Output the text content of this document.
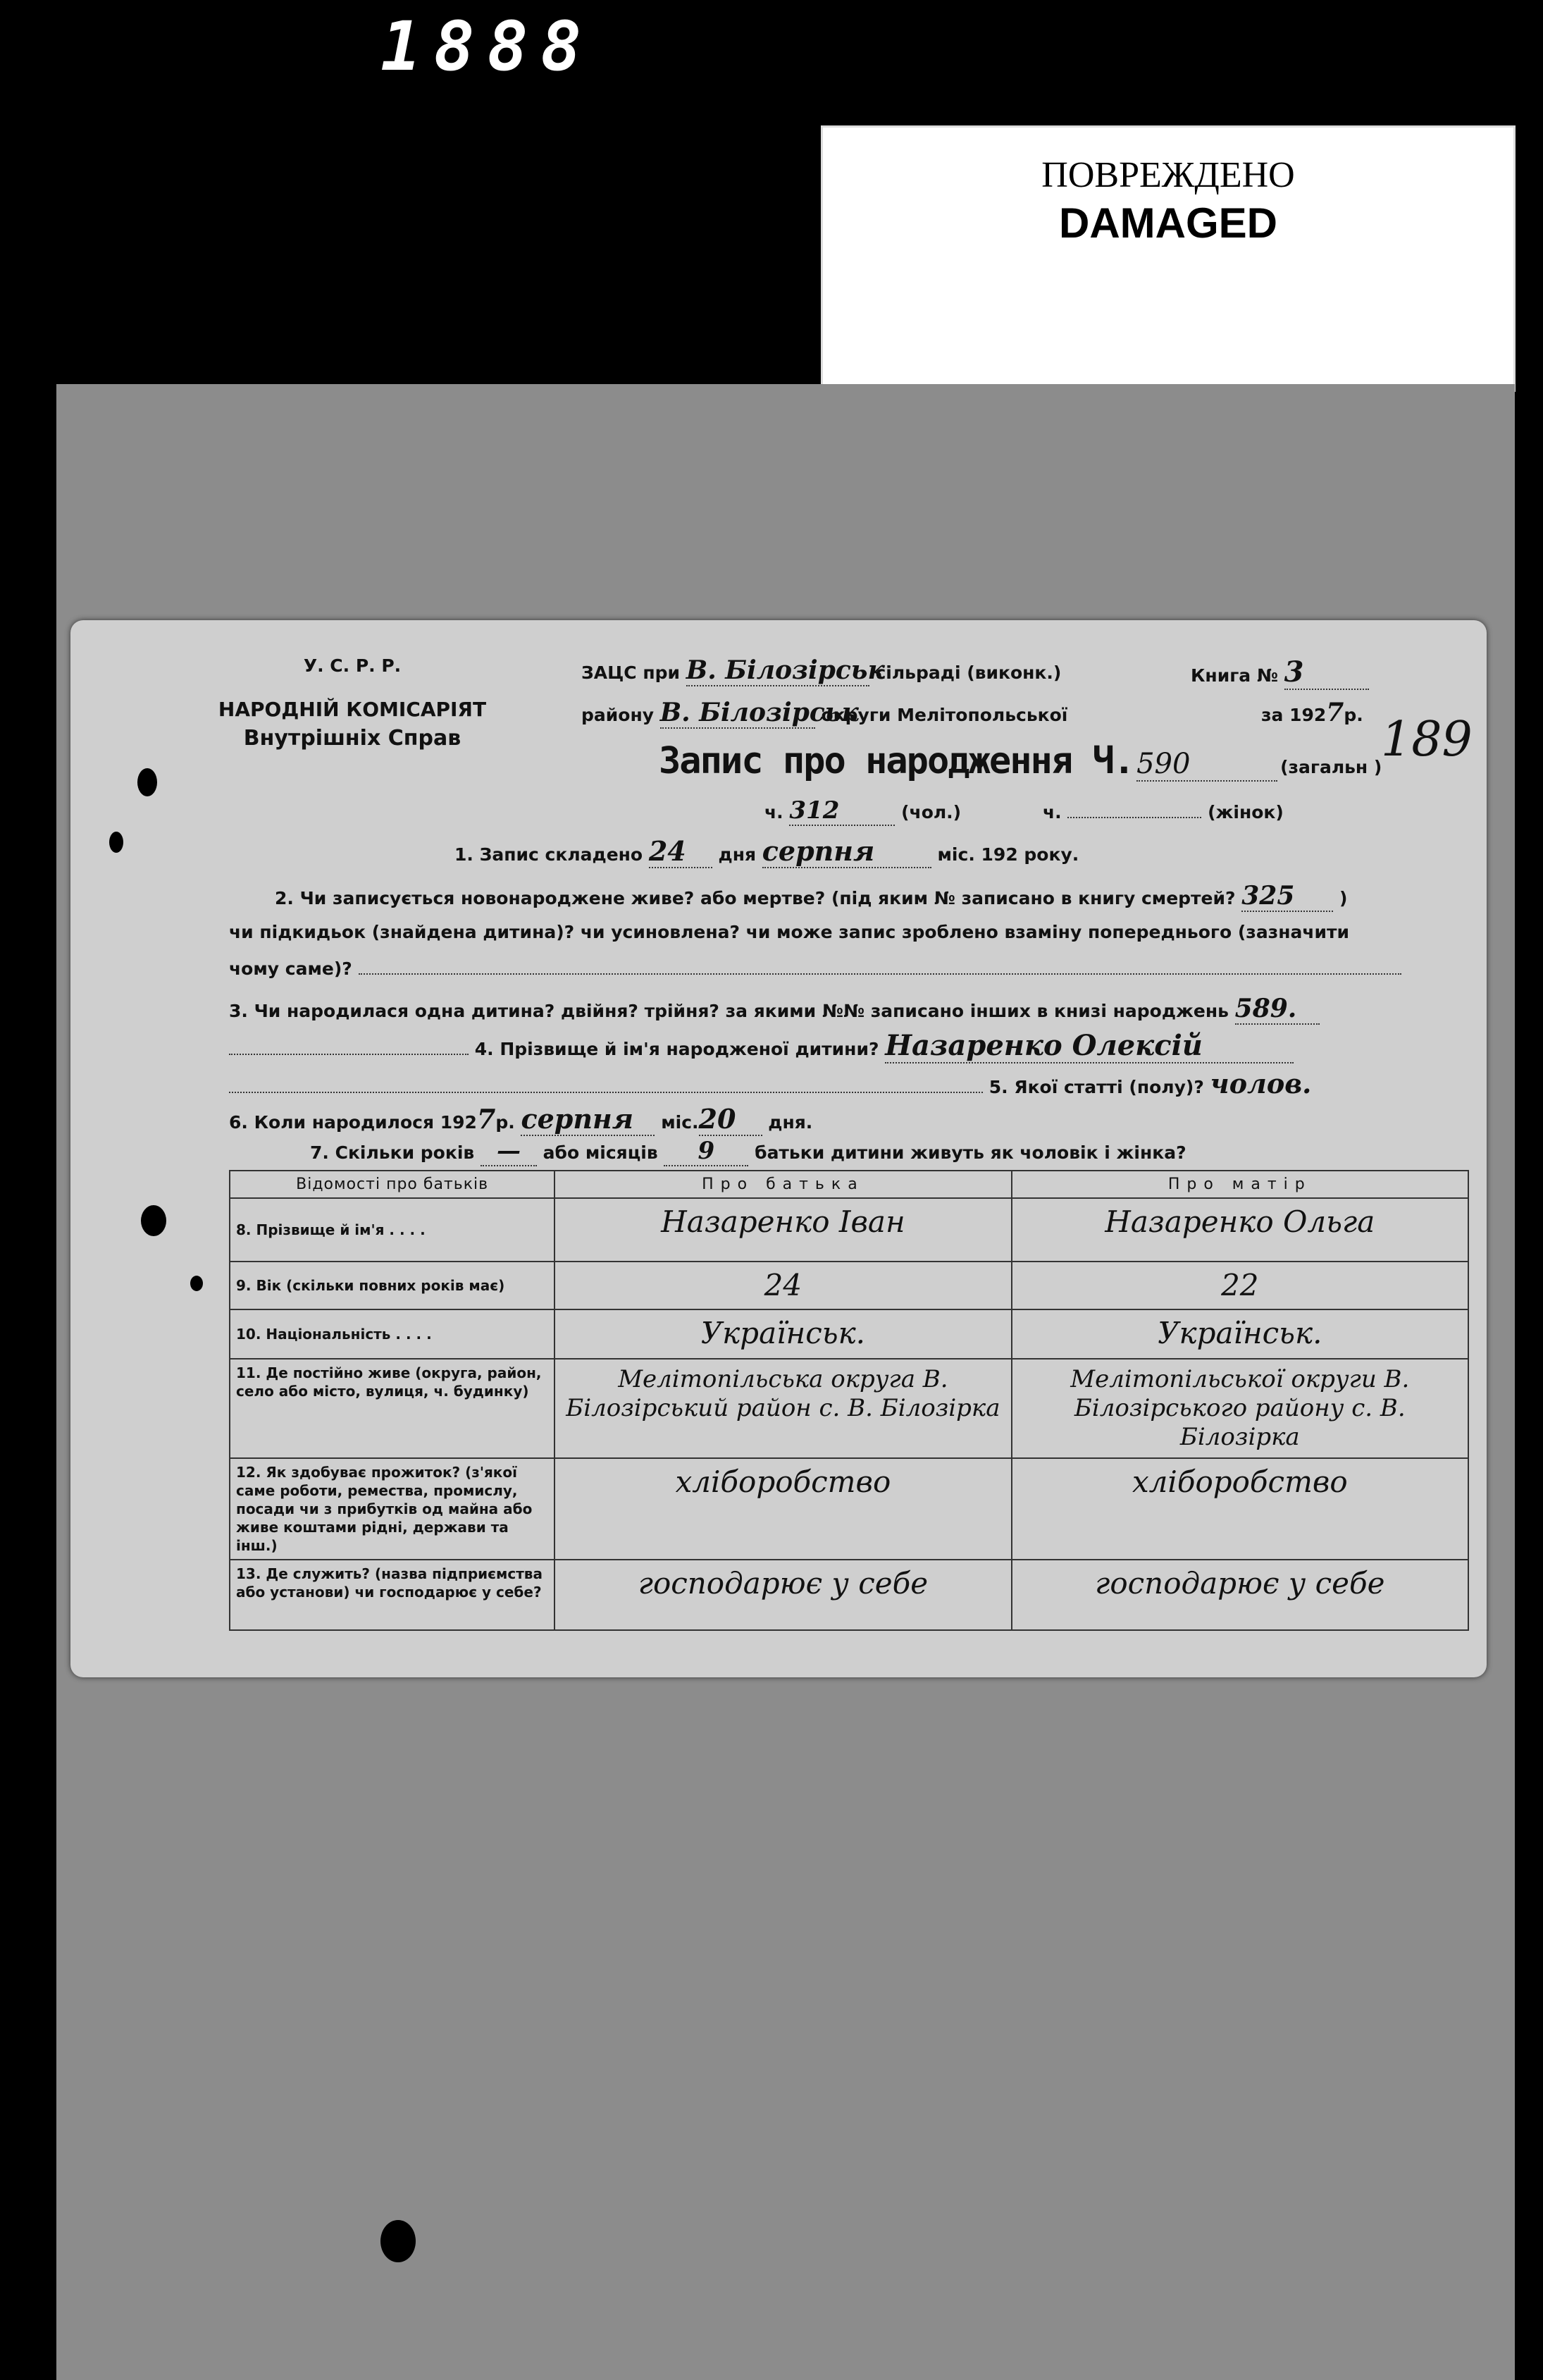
1888
ПОВРЕЖДЕНО
DAMAGED
У. С. Р. Р.
НАРОДНІЙ КОМІСАРІЯТ
Внутрішніх Справ
ЗАЦС при В. Білозірськ сільраді (виконк.)	Книга № 3
району В. Білозірськ округи Мелітопольської	за 1927р.
Запис про народження Ч. 590	(загальн )
ч. 312	(чол.)	ч.	(жінок)
1. Запис складено 24 дня серпня	міс. 192 року.
2. Чи записується новонароджене живе? або мертве? (під яким № записано в книгу смертей? 325	)
чи підкидьок (знайдена дитина)? чи усиновлена? чи може запис зроблено взаміну попереднього (зазначити
чому саме)?
3. Чи народилася одна дитина? двійня? трійня? за якими №№ записано інших в книзі народжень 589.
4. Прізвище й ім'я народженої дитини? Назаренко Олексій
5. Якої статті (полу)? чолов.
6. Коли народилося 1927р. серпня міс.20 дня.
7. Скільки років — або місяців 9 батьки дитини живуть як чоловік і жінка?
Відомості про батьків	Про батька	Про матір
8. Прізвище й ім'я . . . .	Назаренко Іван	Назаренко Ольга
9. Вік (скільки повних років має)	24	22
10. Національність . . . .	Українськ.	Українськ.
11. Де постійно живе (округа, район, село або місто, вулиця, ч. будинку)	Мелітопільська округа В. Білозірський район с. В. Білозірка	Мелітопільської округи В. Білозірського району с. В. Білозірка
12. Як здобуває прожиток? (з'якої саме роботи, ремества, промислу, посади чи з прибутків од майна або живе коштами рідні, держави та інш.)	хліборобство	хліборобство
13. Де служить? (назва підприємства або установи) чи господарює у себе?	господарює у себе	господарює у себе
189
